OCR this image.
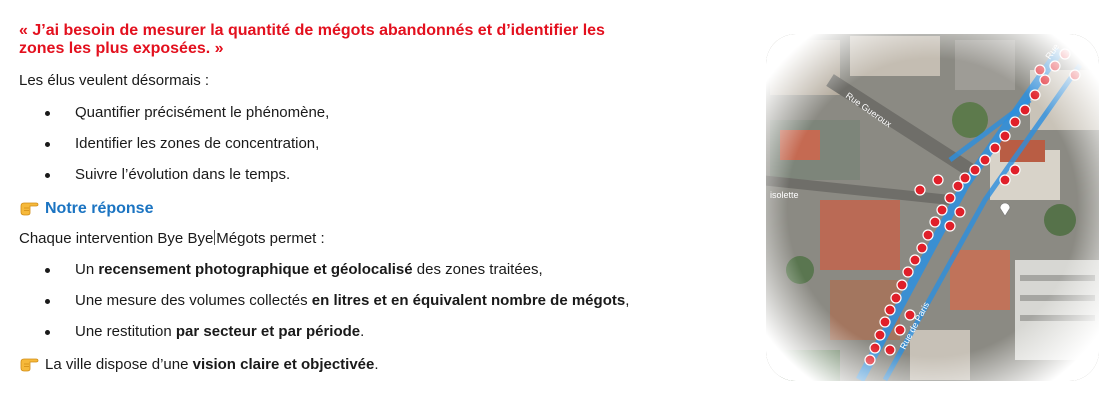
« J’ai besoin de mesurer la quantité de mégots abandonnés et d’identifier les
zones les plus exposées. »
Les élus veulent désormais :
Quantifier précisément le phénomène,
Identifier les zones de concentration,
Suivre l’évolution dans le temps.
Notre réponse
Chaque intervention Bye Bye Mégots permet :
Un recensement photographique et géolocalisé des zones traitées,
Une mesure des volumes collectés en litres et en équivalent nombre de mégots,
Une restitution par secteur et par période.
La ville dispose d’une vision claire et objectivée.
